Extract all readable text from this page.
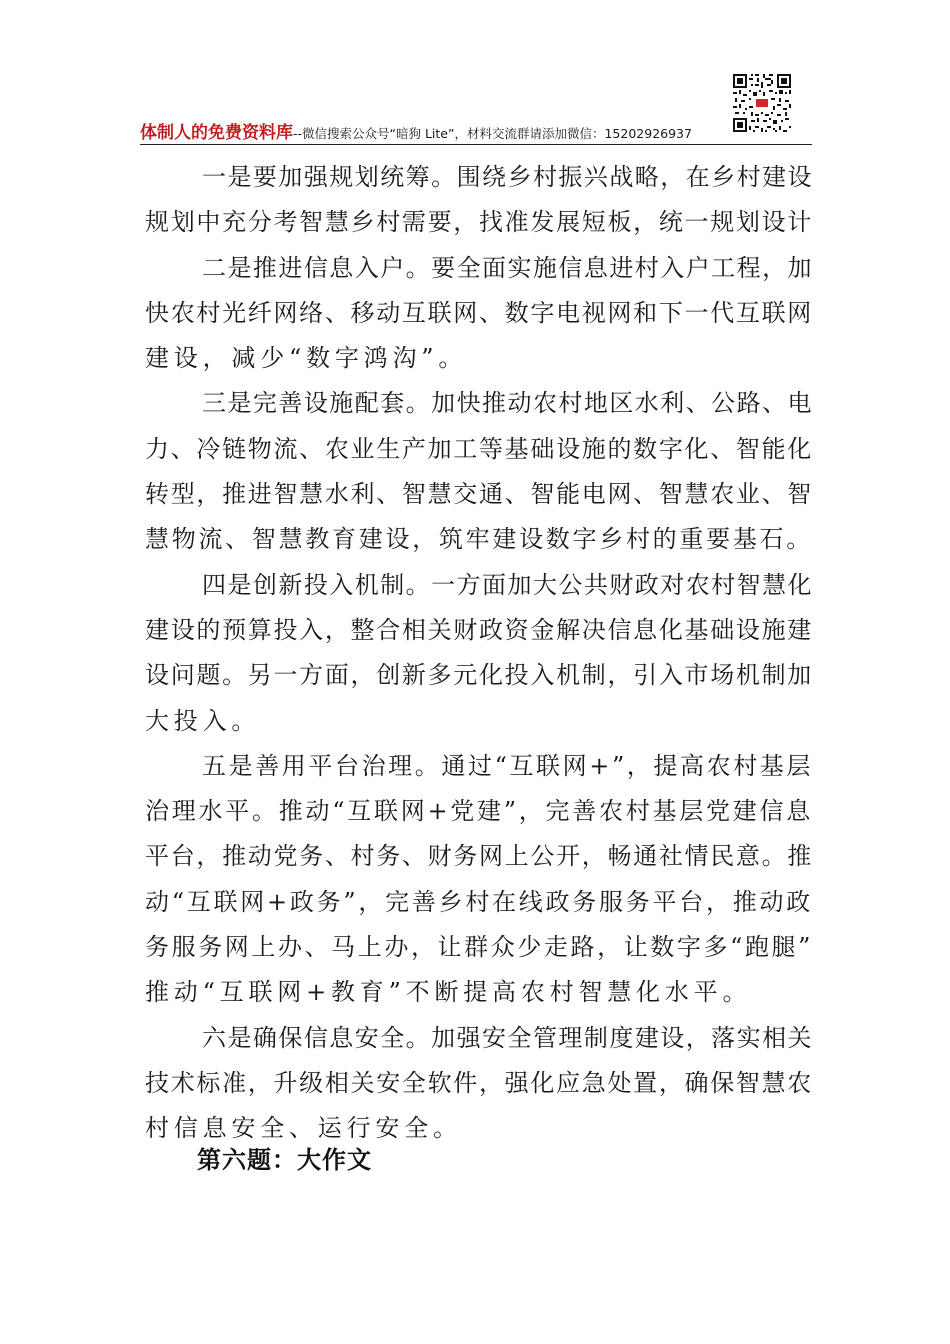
体制人的免费资料库--微信搜索公众号“暗狗 Lite”，材料交流群请添加微信：15202926937

一是要加强规划统筹。围绕乡村振兴战略，在乡村建设
规划中充分考智慧乡村需要，找准发展短板，统一规划设计

二是推进信息入户。要全面实施信息进村入户工程，加
快农村光纤网络、移动互联网、数字电视网和下一代互联网
建设，减少“数字鸿沟”。

三是完善设施配套。加快推动农村地区水利、公路、电
力、冷链物流、农业生产加工等基础设施的数字化、智能化
转型，推进智慧水利、智慧交通、智能电网、智慧农业、智
慧物流、智慧教育建设，筑牢建设数字乡村的重要基石。

四是创新投入机制。一方面加大公共财政对农村智慧化
建设的预算投入，整合相关财政资金解决信息化基础设施建
设问题。另一方面，创新多元化投入机制，引入市场机制加
大投入。

五是善用平台治理。通过“互联网+”，提高农村基层
治理水平。推动“互联网+党建”，完善农村基层党建信息
平台，推动党务、村务、财务网上公开，畅通社情民意。推
动“互联网+政务”，完善乡村在线政务服务平台，推动政
务服务网上办、马上办，让群众少走路，让数字多“跑腿”
推动“互联网+教育”不断提高农村智慧化水平。

六是确保信息安全。加强安全管理制度建设，落实相关
技术标准，升级相关安全软件，强化应急处置，确保智慧农
村信息安全、运行安全。

第六题：大作文
